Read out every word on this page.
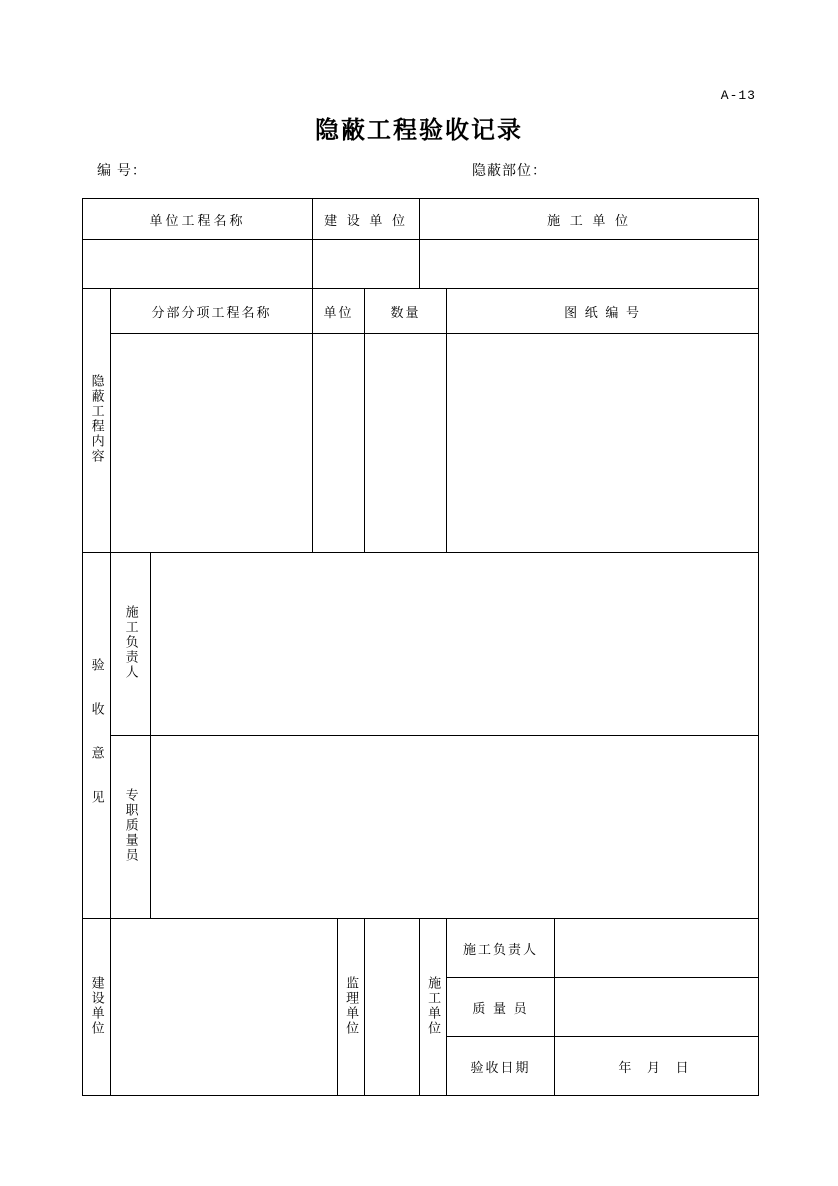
A-13
隐蔽工程验收记录
编 号：	隐蔽部位：
单位工程名称			建 设 单 位			施 工 单 位		

隐蔽工程内容	分部分项工程名称		单位		数量		图 纸 编 号	

验 收 意 见	施工负责人							
	专职质量员							
建设单位				监理单位		施工单位	施工负责人	
							质 量 员	
							验收日期	年 月 日
